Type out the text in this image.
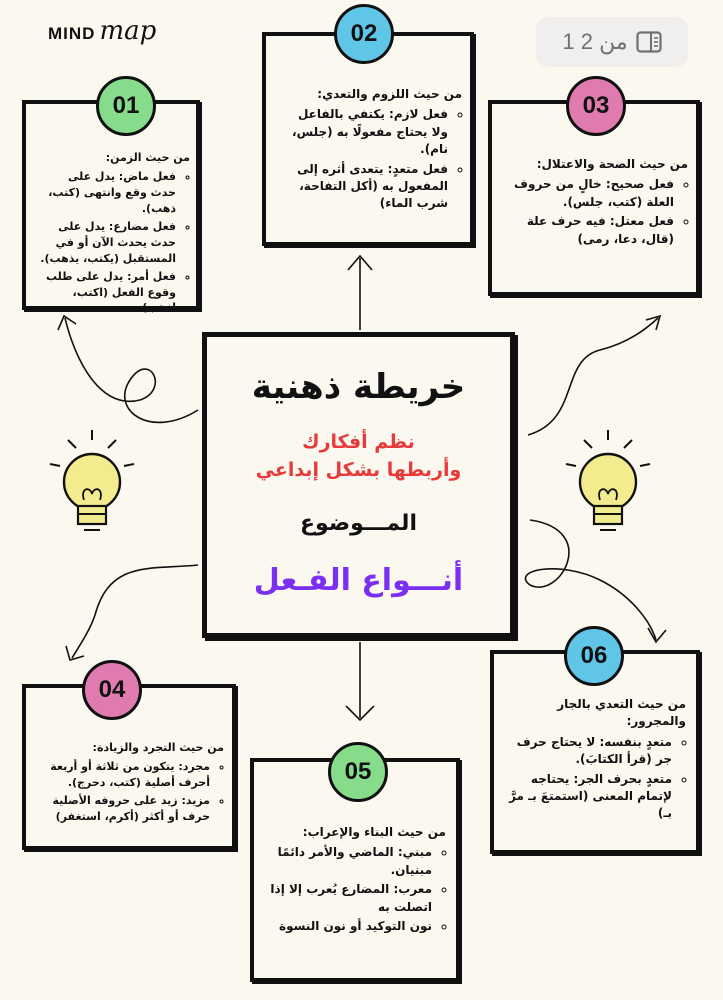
MIND map	1 من 2
01
من حيث الزمن:
◦ فعل ماض: يدل على حدث وقع وانتهى (كتب، ذهب).
◦ فعل مضارع: يدل على حدث يحدث الآن أو في المستقبل (يكتب، يذهب).
◦ فعل أمر: يدل على طلب وقوع الفعل (اكتب، اذهب)
02
من حيث اللزوم والتعدي:
◦ فعل لازم: يكتفي بالفاعل ولا يحتاج مفعولًا به (جلس، نام).
◦ فعل متعدٍ: يتعدى أثره إلى المفعول به (أكل التفاحة، شرب الماء)
03
من حيث الصحة والاعتلال:
◦ فعل صحيح: خالٍ من حروف العلة (كتب، جلس).
◦ فعل معتل: فيه حرف علة (قال، دعا، رمى)
خريطة ذهنية
نظم أفكارك
وأربطها بشكل إبداعي
المـــوضوع
أنـــواع الفـعل
04
من حيث التجرد والزيادة:
◦ مجرد: يتكون من ثلاثة أو أربعة أحرف أصلية (كتب، دحرج).
◦ مزيد: زيد على حروفه الأصلية حرف أو أكثر (أكرم، استغفر)
05
من حيث البناء والإعراب:
◦ مبني: الماضي والأمر دائمًا مبنيان.
◦ معرب: المضارع يُعرب إلا إذا اتصلت به
◦ نون التوكيد أو نون النسوة
06
من حيث التعدي بالجار والمجرور:
◦ متعدٍ بنفسه: لا يحتاج حرف جر (قرأ الكتابَ).
◦ متعدٍ بحرف الجر: يحتاجه لإتمام المعنى (استمتعَ بـ مرَّ بـ)
